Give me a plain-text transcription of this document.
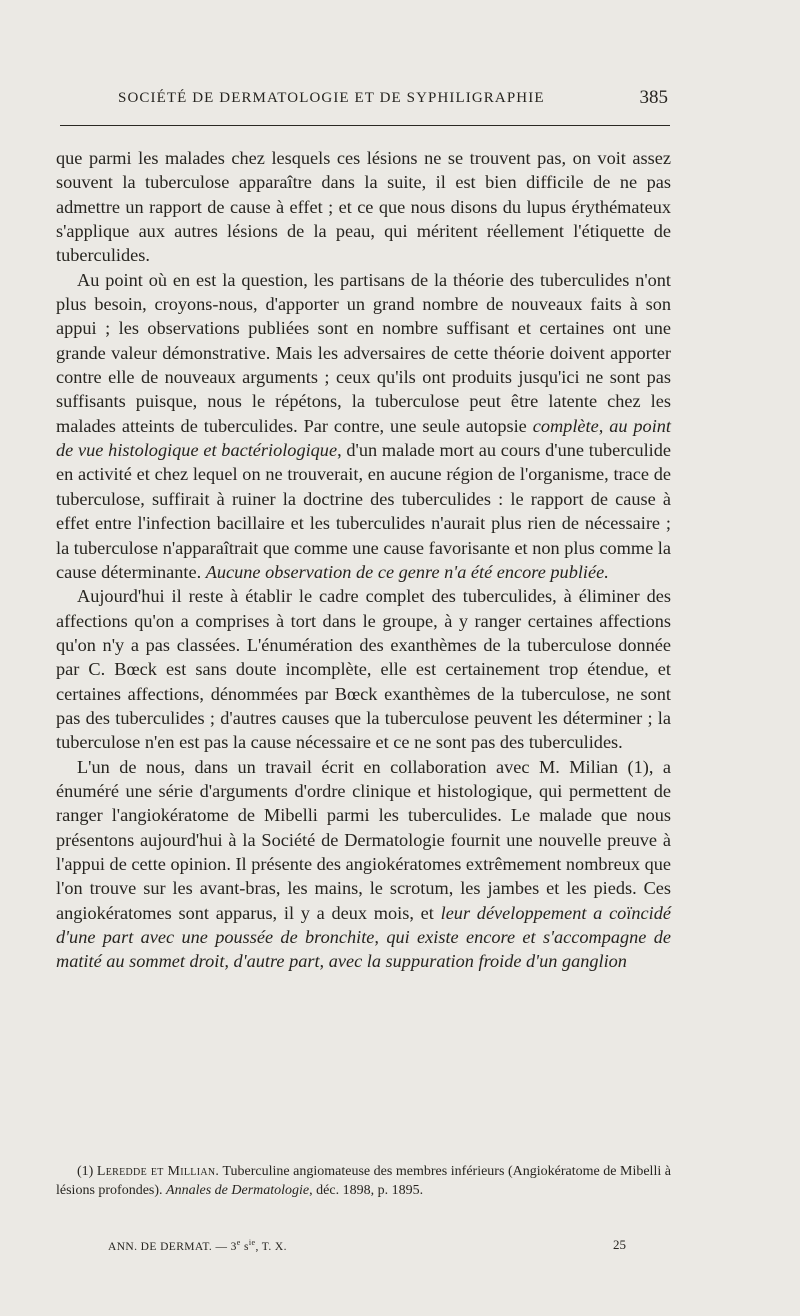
SOCIÉTÉ DE DERMATOLOGIE ET DE SYPHILIGRAPHIE	385

que parmi les malades chez lesquels ces lésions ne se trouvent pas, on voit assez souvent la tuberculose apparaître dans la suite, il est bien difficile de ne pas admettre un rapport de cause à effet ; et ce que nous disons du lupus érythémateux s'applique aux autres lésions de la peau, qui méritent réellement l'étiquette de tuberculides.

Au point où en est la question, les partisans de la théorie des tuberculides n'ont plus besoin, croyons-nous, d'apporter un grand nombre de nouveaux faits à son appui ; les observations publiées sont en nombre suffisant et certaines ont une grande valeur démonstrative. Mais les adversaires de cette théorie doivent apporter contre elle de nouveaux arguments ; ceux qu'ils ont produits jusqu'ici ne sont pas suffisants puisque, nous le répétons, la tuberculose peut être latente chez les malades atteints de tuberculides. Par contre, une seule autopsie complète, au point de vue histologique et bactériologique, d'un malade mort au cours d'une tuberculide en activité et chez lequel on ne trouverait, en aucune région de l'organisme, trace de tuberculose, suffirait à ruiner la doctrine des tuberculides : le rapport de cause à effet entre l'infection bacillaire et les tuberculides n'aurait plus rien de nécessaire ; la tuberculose n'apparaîtrait que comme une cause favorisante et non plus comme la cause déterminante. Aucune observation de ce genre n'a été encore publiée.

Aujourd'hui il reste à établir le cadre complet des tuberculides, à éliminer des affections qu'on a comprises à tort dans le groupe, à y ranger certaines affections qu'on n'y a pas classées. L'énumération des exanthèmes de la tuberculose donnée par C. Bœck est sans doute incomplète, elle est certainement trop étendue, et certaines affections, dénommées par Bœck exanthèmes de la tuberculose, ne sont pas des tuberculides ; d'autres causes que la tuberculose peuvent les déterminer ; la tuberculose n'en est pas la cause nécessaire et ce ne sont pas des tuberculides.

L'un de nous, dans un travail écrit en collaboration avec M. Milian (1), a énuméré une série d'arguments d'ordre clinique et histologique, qui permettent de ranger l'angiokératome de Mibelli parmi les tuberculides. Le malade que nous présentons aujourd'hui à la Société de Dermatologie fournit une nouvelle preuve à l'appui de cette opinion. Il présente des angiokératomes extrêmement nombreux que l'on trouve sur les avant-bras, les mains, le scrotum, les jambes et les pieds. Ces angiokératomes sont apparus, il y a deux mois, et leur développement a coïncidé d'une part avec une poussée de bronchite, qui existe encore et s'accompagne de matité au sommet droit, d'autre part, avec la suppuration froide d'un ganglion

(1) Leredde et Millian. Tuberculine angiomateuse des membres inférieurs (Angiokératome de Mibelli à lésions profondes). Annales de Dermatologie, déc. 1898, p. 1895.

ANN. DE DERMAT. — 3e $s^{ie}$, T. X.	25
